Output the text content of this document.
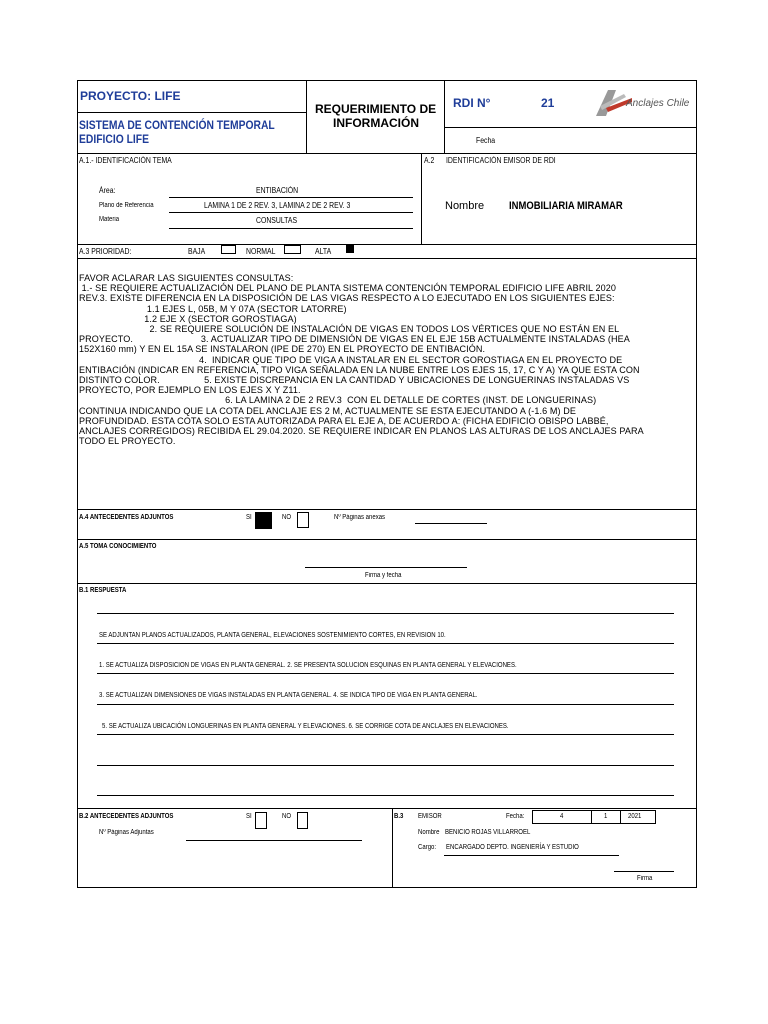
PROYECTO: LIFE
SISTEMA DE CONTENCIÓN TEMPORAL
EDIFICIO LIFE
REQUERIMIENTO DE
INFORMACIÓN
RDI N°	21	Anclajes Chile
Fecha
A.1.- IDENTIFICACIÓN TEMA
Área:	ENTIBACIÓN
Plano de Referencia	LAMINA 1 DE 2 REV. 3, LAMINA 2 DE 2 REV. 3
Materia	CONSULTAS
A.2 IDENTIFICACIÓN EMISOR DE RDI
Nombre INMOBILIARIA MIRAMAR
A.3 PRIORIDAD:	BAJA	NORMAL	ALTA
FAVOR ACLARAR LAS SIGUIENTES CONSULTAS:
1.- SE REQUIERE ACTUALIZACIÓN DEL PLANO DE PLANTA SISTEMA CONTENCIÓN TEMPORAL EDIFICIO LIFE ABRIL 2020
REV.3. EXISTE DIFERENCIA EN LA DISPOSICIÓN DE LAS VIGAS RESPECTO A LO EJECUTADO EN LOS SIGUIENTES EJES:
1.1 EJES L, 05B, M Y 07A (SECTOR LATORRE)
1.2 EJE X (SECTOR GOROSTIAGA)
2. SE REQUIERE SOLUCIÓN DE INSTALACIÓN DE VIGAS EN TODOS LOS VÉRTICES QUE NO ESTÁN EN EL
PROYECTO.                          3. ACTUALIZAR TIPO DE DIMENSIÓN DE VIGAS EN EL EJE 15B ACTUALMENTE INSTALADAS (HEA
152X160 mm) Y EN EL 15A SE INSTALARON (IPE DE 270) EN EL PROYECTO DE ENTIBACIÓN.
4.  INDICAR QUE TIPO DE VIGA A INSTALAR EN EL SECTOR GOROSTIAGA EN EL PROYECTO DE
ENTIBACIÓN (INDICAR EN REFERENCIA, TIPO VIGA SEÑALADA EN LA NUBE ENTRE LOS EJES 15, 17, C Y A) YA QUE ESTA CON
DISTINTO COLOR.                 5. EXISTE DISCREPANCIA EN LA CANTIDAD Y UBICACIONES DE LONGUERINAS INSTALADAS VS
PROYECTO, POR EJEMPLO EN LOS EJES X Y Z11.
6. LA LAMINA 2 DE 2 REV.3  CON EL DETALLE DE CORTES (INST. DE LONGUERINAS)
CONTINUA INDICANDO QUE LA COTA DEL ANCLAJE ES 2 M, ACTUALMENTE SE ESTA EJECUTANDO A (-1.6 M) DE
PROFUNDIDAD. ESTA COTA SOLO ESTA AUTORIZADA PARA EL EJE A, DE ACUERDO A: (FICHA EDIFICIO OBISPO LABBÉ,
ANCLAJES CORREGIDOS) RECIBIDA EL 29.04.2020. SE REQUIERE INDICAR EN PLANOS LAS ALTURAS DE LOS ANCLAJES PARA
TODO EL PROYECTO.
A.4 ANTECEDENTES ADJUNTOS	SI	NO	Nº Páginas anexas
A.5 TOMA CONOCIMIENTO
Firma y fecha
B.1 RESPUESTA
SE ADJUNTAN PLANOS ACTUALIZADOS, PLANTA GENERAL, ELEVACIONES SOSTENIMIENTO CORTES, EN REVISION 10.
1. SE ACTUALIZA DISPOSICION DE VIGAS EN PLANTA GENERAL. 2. SE PRESENTA SOLUCION ESQUINAS EN PLANTA GENERAL Y ELEVACIONES.
3. SE ACTUALIZAN DIMENSIONES DE VIGAS INSTALADAS EN PLANTA GENERAL. 4. SE INDICA TIPO DE VIGA EN PLANTA GENERAL.
5. SE ACTUALIZA UBICACIÓN LONGUERINAS EN PLANTA GENERAL Y ELEVACIONES. 6. SE CORRIGE COTA DE ANCLAJES EN ELEVACIONES.
B.2 ANTECEDENTES ADJUNTOS	SI	NO
Nº Páginas Adjuntas
B.3 EMISOR	Fecha:	4	1	2021
Nombre BENICIO ROJAS VILLARROEL
Cargo: ENCARGADO DEPTO. INGENIERÍA Y ESTUDIO
Firma
